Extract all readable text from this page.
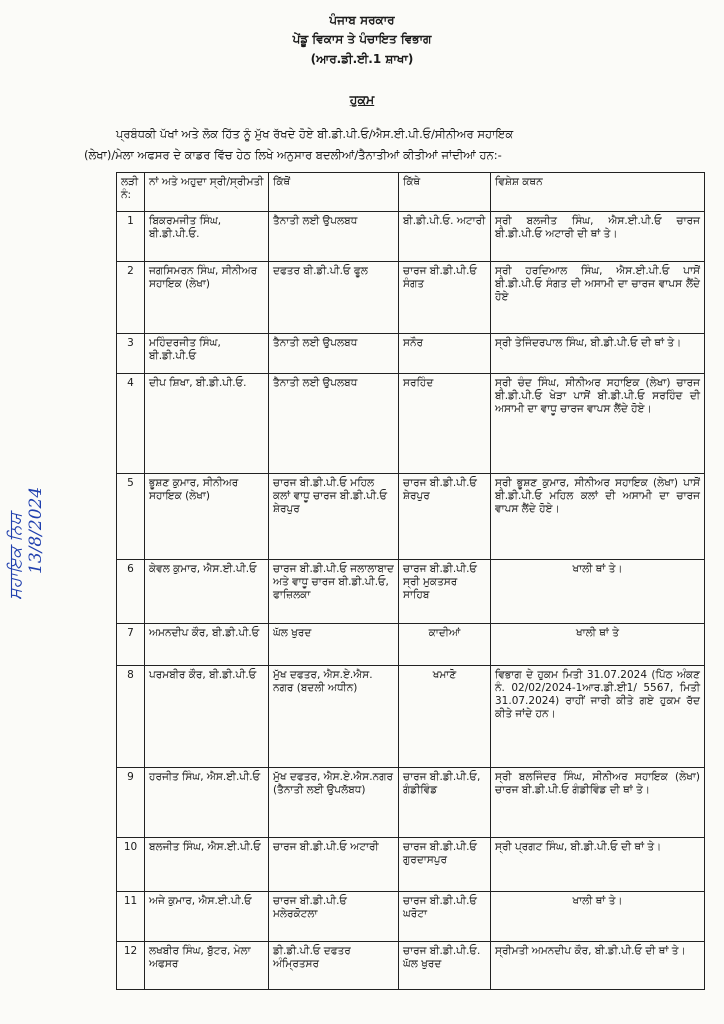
ਪੰਜਾਬ ਸਰਕਾਰ
ਪੇਂਡੂ ਵਿਕਾਸ ਤੇ ਪੰਚਾਇਤ ਵਿਭਾਗ
(ਆਰ.ਡੀ.ਈ.1 ਸ਼ਾਖਾ)
ਹੁਕਮ
ਪ੍ਰਬੰਧਕੀ ਪੱਖਾਂ ਅਤੇ ਲੋਕ ਹਿੱਤ ਨੂੰ ਮੁੱਖ ਰੱਖਦੇ ਹੋਏ ਬੀ.ਡੀ.ਪੀ.ਓ/ਐਸ.ਈ.ਪੀ.ਓ/ਸੀਨੀਅਰ ਸਹਾਇਕ
(ਲੇਖਾ)/ਮੇਲਾ ਅਫਸਰ ਦੇ ਕਾਡਰ ਵਿੱਚ ਹੇਠ ਲਿਖੇ ਅਨੁਸਾਰ ਬਦਲੀਆਂ/ਤੈਨਾਤੀਆਂ ਕੀਤੀਆਂ ਜਾਂਦੀਆਂ ਹਨ:-
ਲੜੀ ਨੰ:	ਨਾਂ ਅਤੇ ਅਹੁਦਾ ਸ੍ਰੀ/ਸ੍ਰੀਮਤੀ	ਕਿੱਥੋਂ	ਕਿੱਥੇ	ਵਿਸ਼ੇਸ਼ ਕਥਨ
1	ਬਿਕਰਮਜੀਤ ਸਿੰਘ, ਬੀ.ਡੀ.ਪੀ.ਓ.	ਤੈਨਾਤੀ ਲਈ ਉਪਲਬਧ	ਬੀ.ਡੀ.ਪੀ.ਓ. ਅਟਾਰੀ	ਸ੍ਰੀ ਬਲਜੀਤ ਸਿੰਘ, ਐਸ.ਈ.ਪੀ.ਓ ਚਾਰਜ ਬੀ.ਡੀ.ਪੀ.ਓ ਅਟਾਰੀ ਦੀ ਥਾਂ ਤੇ।
2	ਜਗਸਿਮਰਨ ਸਿੰਘ, ਸੀਨੀਅਰ ਸਹਾਇਕ (ਲੇਖਾ)	ਦਫਤਰ ਬੀ.ਡੀ.ਪੀ.ਓ ਫੂਲ	ਚਾਰਜ ਬੀ.ਡੀ.ਪੀ.ਓ ਸੰਗਤ	ਸ੍ਰੀ ਹਰਦਿਆਲ ਸਿੰਘ, ਐਸ.ਈ.ਪੀ.ਓ ਪਾਸੋਂ ਬੀ.ਡੀ.ਪੀ.ਓ ਸੰਗਤ ਦੀ ਅਸਾਮੀ ਦਾ ਚਾਰਜ ਵਾਪਸ ਲੈਂਦੇ ਹੋਏ
3	ਮਹਿੰਦਰਜੀਤ ਸਿੰਘ, ਬੀ.ਡੀ.ਪੀ.ਓ	ਤੈਨਾਤੀ ਲਈ ਉਪਲਬਧ	ਸਨੌਰ	ਸ੍ਰੀ ਤੇਜਿੰਦਰਪਾਲ ਸਿੰਘ, ਬੀ.ਡੀ.ਪੀ.ਓ ਦੀ ਥਾਂ ਤੇ।
4	ਦੀਪ ਸ਼ਿਖਾ, ਬੀ.ਡੀ.ਪੀ.ਓ.	ਤੈਨਾਤੀ ਲਈ ਉਪਲਬਧ	ਸਰਹਿੰਦ	ਸ੍ਰੀ ਚੰਦ ਸਿੰਘ, ਸੀਨੀਅਰ ਸਹਾਇਕ (ਲੇਖਾ) ਚਾਰਜ ਬੀ.ਡੀ.ਪੀ.ਓ ਖੇੜਾ ਪਾਸੋਂ ਬੀ.ਡੀ.ਪੀ.ਓ ਸਰਹਿੰਦ ਦੀ ਅਸਾਮੀ ਦਾ ਵਾਧੂ ਚਾਰਜ ਵਾਪਸ ਲੈਂਦੇ ਹੋਏ।
5	ਭੂਸ਼ਣ ਕੁਮਾਰ, ਸੀਨੀਅਰ ਸਹਾਇਕ (ਲੇਖਾ)	ਚਾਰਜ ਬੀ.ਡੀ.ਪੀ.ਓ ਮਹਿਲ ਕਲਾਂ ਵਾਧੂ ਚਾਰਜ ਬੀ.ਡੀ.ਪੀ.ਓ ਸ਼ੇਰਪੁਰ	ਚਾਰਜ ਬੀ.ਡੀ.ਪੀ.ਓ ਸ਼ੇਰਪੁਰ	ਸ੍ਰੀ ਭੂਸ਼ਣ ਕੁਮਾਰ, ਸੀਨੀਅਰ ਸਹਾਇਕ (ਲੇਖਾ) ਪਾਸੋਂ ਬੀ.ਡੀ.ਪੀ.ਓ ਮਹਿਲ ਕਲਾਂ ਦੀ ਅਸਾਮੀ ਦਾ ਚਾਰਜ ਵਾਪਸ ਲੈਂਦੇ ਹੋਏ।
6	ਕੇਵਲ ਕੁਮਾਰ, ਐਸ.ਈ.ਪੀ.ਓ	ਚਾਰਜ ਬੀ.ਡੀ.ਪੀ.ਓ ਜਲਾਲਾਬਾਦ ਅਤੇ ਵਾਧੂ ਚਾਰਜ ਬੀ.ਡੀ.ਪੀ.ਓ, ਫਾਜ਼ਿਲਕਾ	ਚਾਰਜ ਬੀ.ਡੀ.ਪੀ.ਓ ਸ੍ਰੀ ਮੁਕਤਸਰ ਸਾਹਿਬ	ਖਾਲੀ ਥਾਂ ਤੇ।
7	ਅਮਨਦੀਪ ਕੌਰ, ਬੀ.ਡੀ.ਪੀ.ਓ	ਘੱਲ ਖੁਰਦ	ਕਾਦੀਆਂ	ਖਾਲੀ ਥਾਂ ਤੇ
8	ਪਰਮਬੀਰ ਕੌਰ, ਬੀ.ਡੀ.ਪੀ.ਓ	ਮੁੱਖ ਦਫਤਰ, ਐਸ.ਏ.ਐਸ. ਨਗਰ (ਬਦਲੀ ਅਧੀਨ)	ਖਮਾਣੋ	ਵਿਭਾਗ ਦੇ ਹੁਕਮ ਮਿਤੀ 31.07.2024 (ਪਿੱਠ ਅੰਕਣ ਨੰ. 02/02/2024-1ਆਰ.ਡੀ.ਈ1/ 5567, ਮਿਤੀ 31.07.2024) ਰਾਹੀਂ ਜਾਰੀ ਕੀਤੇ ਗਏ ਹੁਕਮ ਰੱਦ ਕੀਤੇ ਜਾਂਦੇ ਹਨ।
9	ਹਰਜੀਤ ਸਿੰਘ, ਐਸ.ਈ.ਪੀ.ਓ	ਮੁੱਖ ਦਫਤਰ, ਐਸ.ਏ.ਐਸ.ਨਗਰ (ਤੈਨਾਤੀ ਲਈ ਉਪਲੱਬਧ)	ਚਾਰਜ ਬੀ.ਡੀ.ਪੀ.ਓ, ਗੰਡੀਵਿੰਡ	ਸ੍ਰੀ ਬਲਜਿੰਦਰ ਸਿੰਘ, ਸੀਨੀਅਰ ਸਹਾਇਕ (ਲੇਖਾ) ਚਾਰਜ ਬੀ.ਡੀ.ਪੀ.ਓ ਗੰਡੀਵਿੰਡ ਦੀ ਥਾਂ ਤੇ।
10	ਬਲਜੀਤ ਸਿੰਘ, ਐਸ.ਈ.ਪੀ.ਓ	ਚਾਰਜ ਬੀ.ਡੀ.ਪੀ.ਓ ਅਟਾਰੀ	ਚਾਰਜ ਬੀ.ਡੀ.ਪੀ.ਓ ਗੁਰਦਾਸਪੁਰ	ਸ੍ਰੀ ਪ੍ਰਗਟ ਸਿੰਘ, ਬੀ.ਡੀ.ਪੀ.ਓ ਦੀ ਥਾਂ ਤੇ।
11	ਅਜੇ ਕੁਮਾਰ, ਐਸ.ਈ.ਪੀ.ਓ	ਚਾਰਜ ਬੀ.ਡੀ.ਪੀ.ਓ ਮਲੇਰਕੋਟਲਾ	ਚਾਰਜ ਬੀ.ਡੀ.ਪੀ.ਓ ਘਰੋਟਾ	ਖਾਲੀ ਥਾਂ ਤੇ।
12	ਲਖਬੀਰ ਸਿੰਘ, ਬੁੱਟਰ, ਮੇਲਾ ਅਫਸਰ	ਡੀ.ਡੀ.ਪੀ.ਓ ਦਫਤਰ ਅੰਮ੍ਰਿਤਸਰ	ਚਾਰਜ ਬੀ.ਡੀ.ਪੀ.ਓ. ਘੱਲ ਖੁਰਦ	ਸ੍ਰੀਮਤੀ ਅਮਨਦੀਪ ਕੌਰ, ਬੀ.ਡੀ.ਪੀ.ਓ ਦੀ ਥਾਂ ਤੇ।
ਸਹਾਇਕ ਨਿਯ 13/8/2024
